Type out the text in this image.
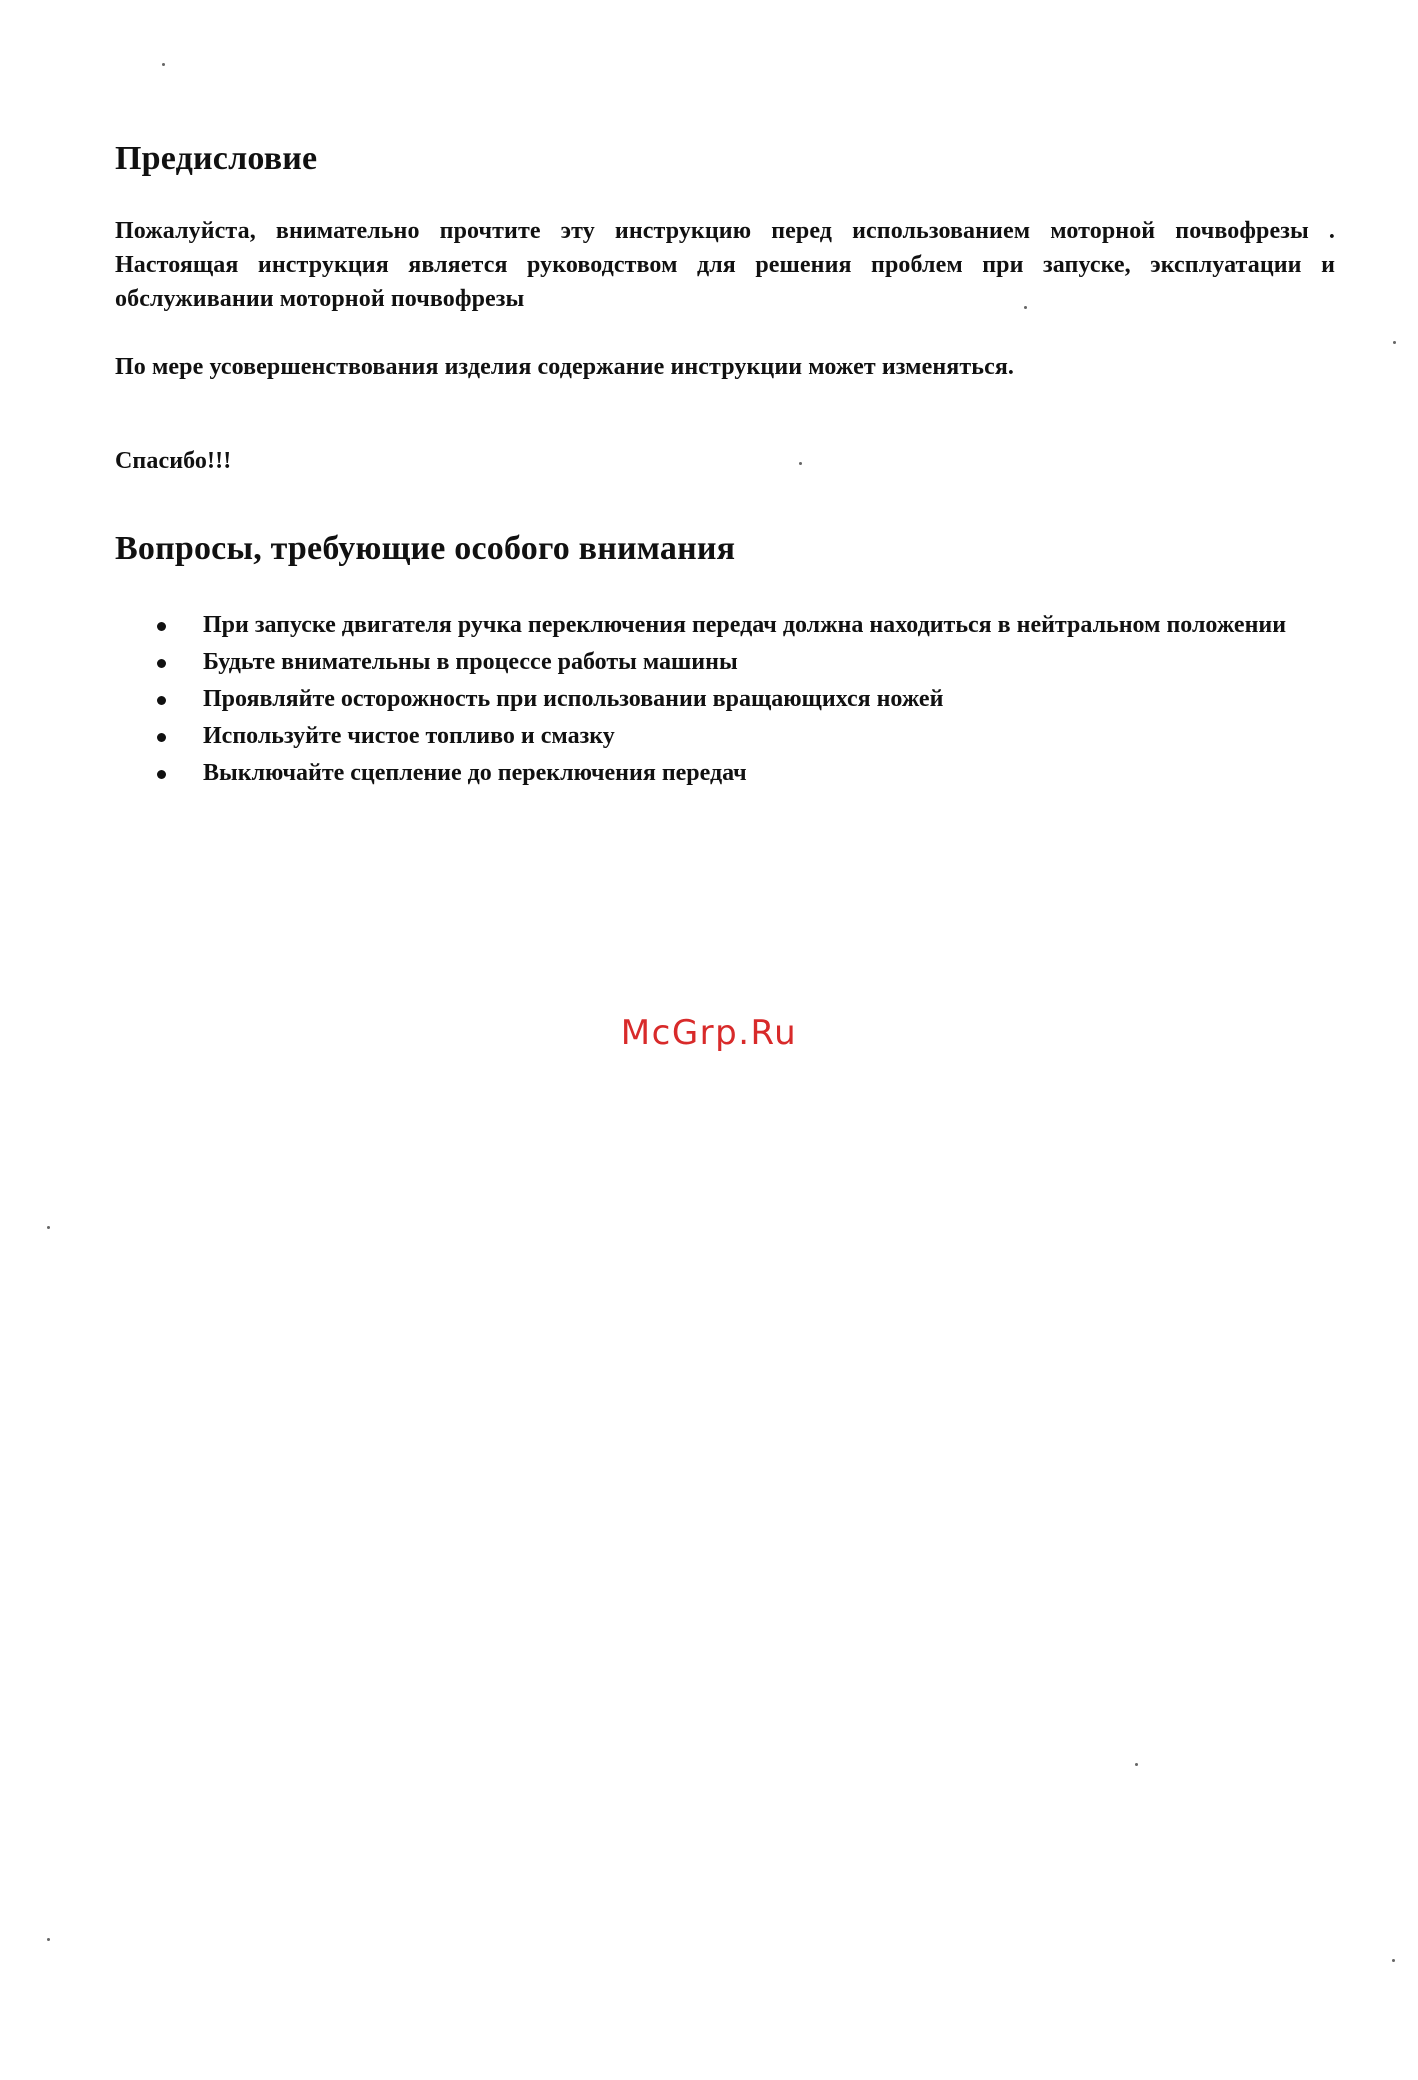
Предисловие

Пожалуйста, внимательно прочтите эту инструкцию перед использованием моторной почвофрезы . Настоящая инструкция является руководством для решения проблем при запуске, эксплуатации и обслуживании моторной почвофрезы

По мере усовершенствования изделия содержание инструкции может изменяться.

Спасибо!!!

Вопросы, требующие особого внимания
При запуске двигателя ручка переключения передач должна находиться в нейтральном положении
Будьте внимательны в процессе работы машины
Проявляйте осторожность при использовании вращающихся ножей
Используйте чистое топливо и смазку
Выключайте сцепление до переключения передач
McGrp.Ru
